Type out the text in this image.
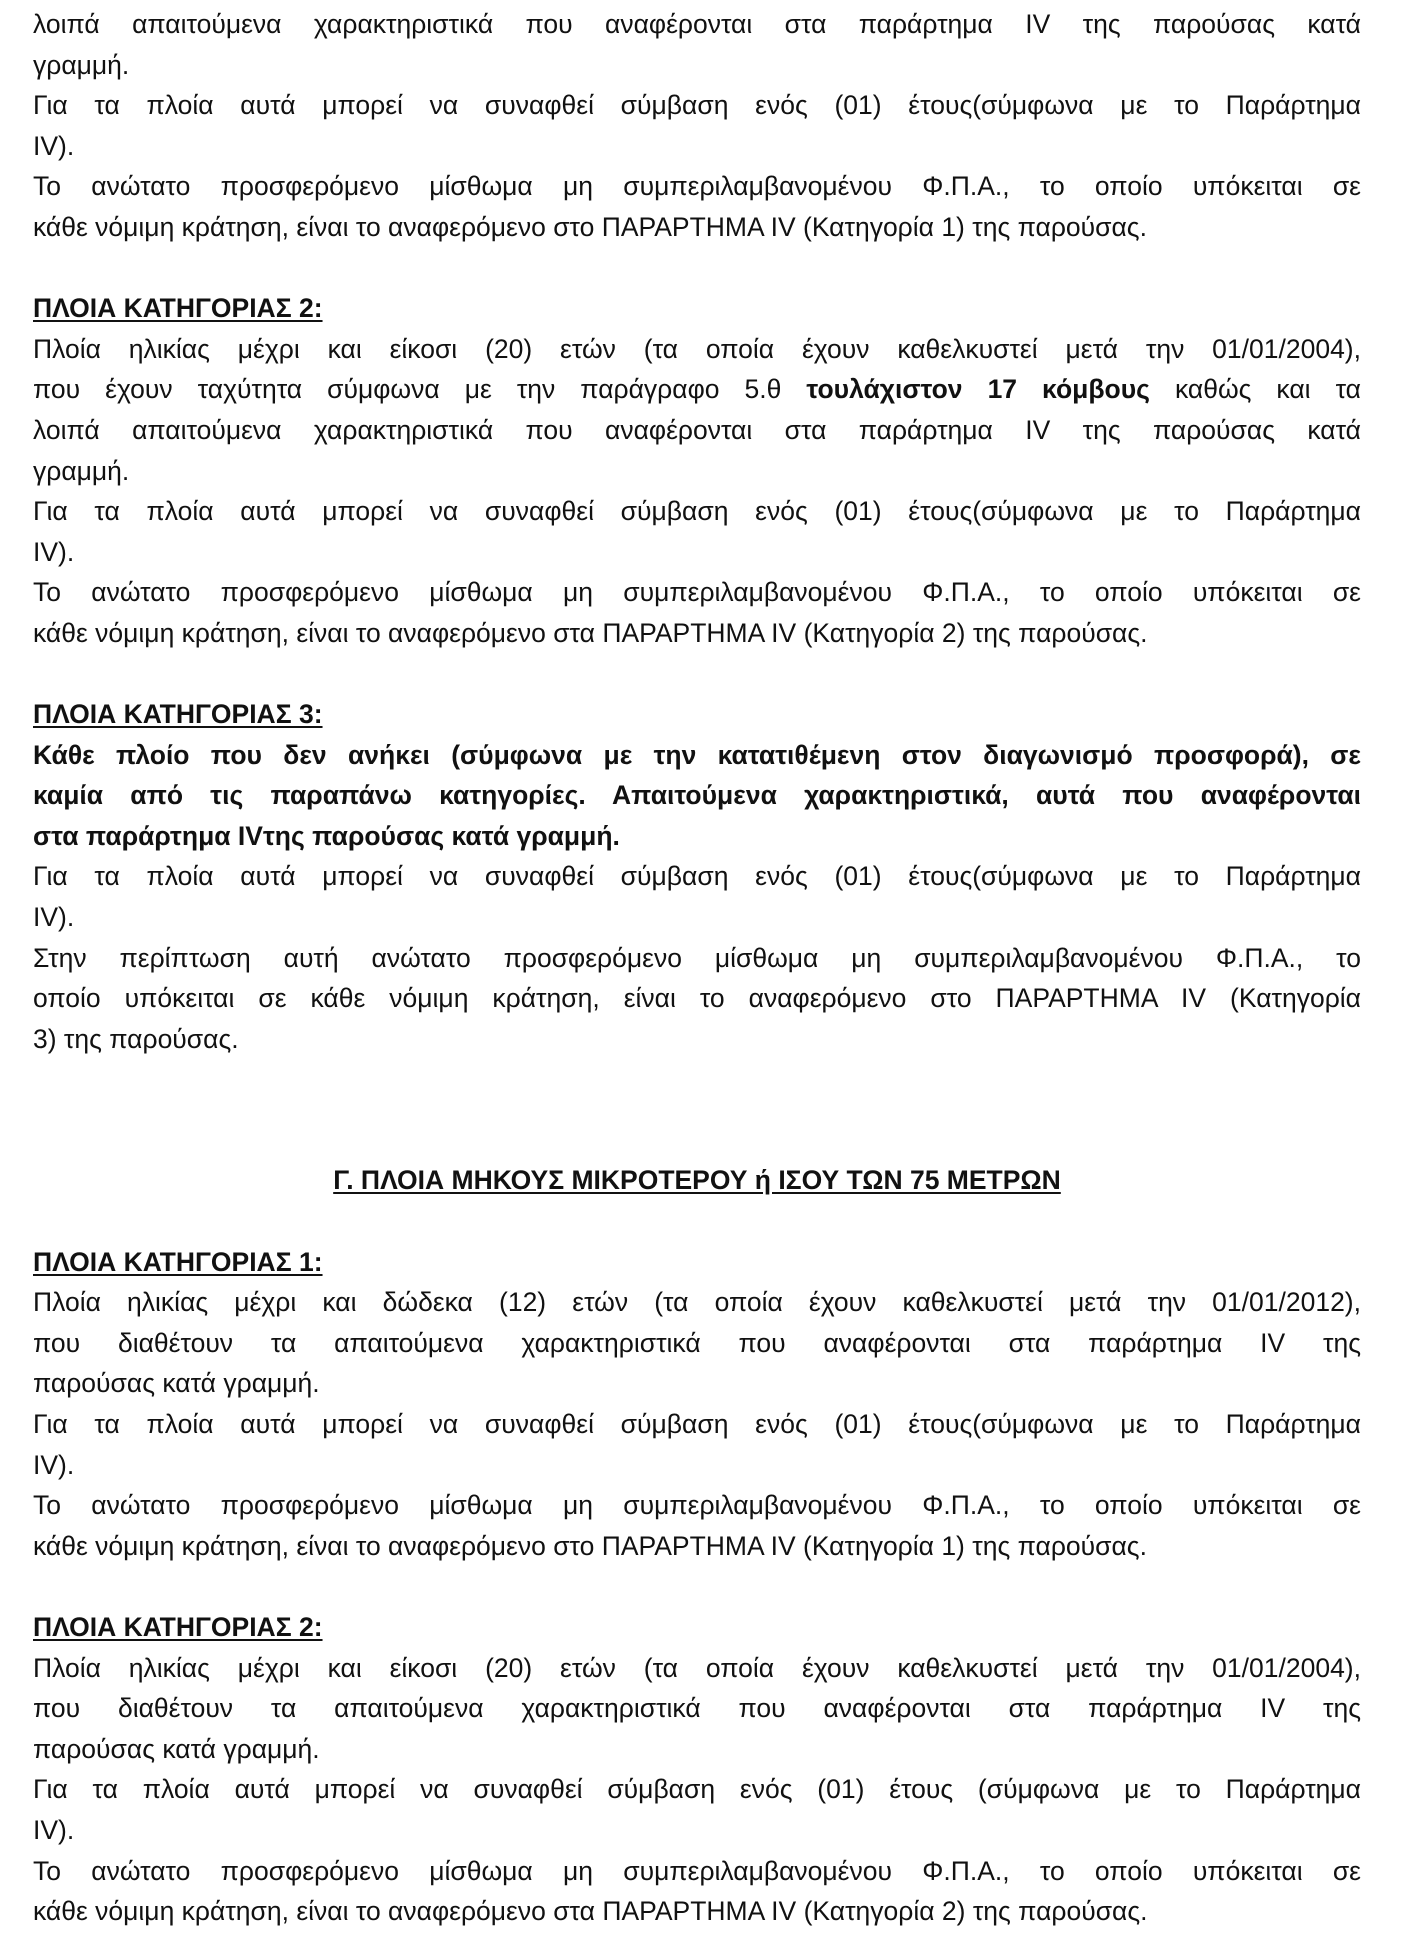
λοιπά απαιτούμενα χαρακτηριστικά που αναφέρονται στα παράρτημα IV της παρούσας κατά
γραμμή.
Για τα πλοία αυτά μπορεί να συναφθεί σύμβαση ενός (01) έτους(σύμφωνα με το Παράρτημα
IV).
Το ανώτατο προσφερόμενο μίσθωμα μη συμπεριλαμβανομένου Φ.Π.Α., το οποίο υπόκειται σε
κάθε νόμιμη κράτηση, είναι το αναφερόμενο στο ΠΑΡΑΡΤΗΜΑ IV (Κατηγορία 1) της παρούσας.
ΠΛΟΙΑ ΚΑΤΗΓΟΡΙΑΣ 2:
Πλοία ηλικίας μέχρι και είκοσι (20) ετών (τα οποία έχουν καθελκυστεί μετά την 01/01/2004),
που έχουν ταχύτητα σύμφωνα με την παράγραφο 5.θ τουλάχιστον 17 κόμβους καθώς και τα
λοιπά απαιτούμενα χαρακτηριστικά που αναφέρονται στα παράρτημα IV της παρούσας κατά
γραμμή.
Για τα πλοία αυτά μπορεί να συναφθεί σύμβαση ενός (01) έτους(σύμφωνα με το Παράρτημα
IV).
Το ανώτατο προσφερόμενο μίσθωμα μη συμπεριλαμβανομένου Φ.Π.Α., το οποίο υπόκειται σε
κάθε νόμιμη κράτηση, είναι το αναφερόμενο στα ΠΑΡΑΡΤΗΜΑ IV (Κατηγορία 2) της παρούσας.
ΠΛΟΙΑ ΚΑΤΗΓΟΡΙΑΣ 3:
Κάθε πλοίο που δεν ανήκει (σύμφωνα με την κατατιθέμενη στον διαγωνισμό προσφορά), σε
καμία από τις παραπάνω κατηγορίες. Απαιτούμενα χαρακτηριστικά, αυτά που αναφέρονται
στα παράρτημα IVτης παρούσας κατά γραμμή.
Για τα πλοία αυτά μπορεί να συναφθεί σύμβαση ενός (01) έτους(σύμφωνα με το Παράρτημα
IV).
Στην περίπτωση αυτή ανώτατο προσφερόμενο μίσθωμα μη συμπεριλαμβανομένου Φ.Π.Α., το
οποίο υπόκειται σε κάθε νόμιμη κράτηση, είναι το αναφερόμενο στο ΠΑΡΑΡΤΗΜΑ IV (Κατηγορία
3) της παρούσας.
Γ. ΠΛΟΙΑ ΜΗΚΟΥΣ ΜΙΚΡΟΤΕΡΟΥ ή ΙΣΟΥ ΤΩΝ 75 ΜΕΤΡΩΝ
ΠΛΟΙΑ ΚΑΤΗΓΟΡΙΑΣ 1:
Πλοία ηλικίας μέχρι και δώδεκα (12) ετών (τα οποία έχουν καθελκυστεί μετά την 01/01/2012),
που διαθέτουν τα απαιτούμενα χαρακτηριστικά που αναφέρονται στα παράρτημα IV της
παρούσας κατά γραμμή.
Για τα πλοία αυτά μπορεί να συναφθεί σύμβαση ενός (01) έτους(σύμφωνα με το Παράρτημα
IV).
Το ανώτατο προσφερόμενο μίσθωμα μη συμπεριλαμβανομένου Φ.Π.Α., το οποίο υπόκειται σε
κάθε νόμιμη κράτηση, είναι το αναφερόμενο στο ΠΑΡΑΡΤΗΜΑ IV (Κατηγορία 1) της παρούσας.
ΠΛΟΙΑ ΚΑΤΗΓΟΡΙΑΣ 2:
Πλοία ηλικίας μέχρι και είκοσι (20) ετών (τα οποία έχουν καθελκυστεί μετά την 01/01/2004),
που διαθέτουν τα απαιτούμενα χαρακτηριστικά που αναφέρονται στα παράρτημα IV της
παρούσας κατά γραμμή.
Για τα πλοία αυτά μπορεί να συναφθεί σύμβαση ενός (01) έτους (σύμφωνα με το Παράρτημα
IV).
Το ανώτατο προσφερόμενο μίσθωμα μη συμπεριλαμβανομένου Φ.Π.Α., το οποίο υπόκειται σε
κάθε νόμιμη κράτηση, είναι το αναφερόμενο στα ΠΑΡΑΡΤΗΜΑ IV (Κατηγορία 2) της παρούσας.
